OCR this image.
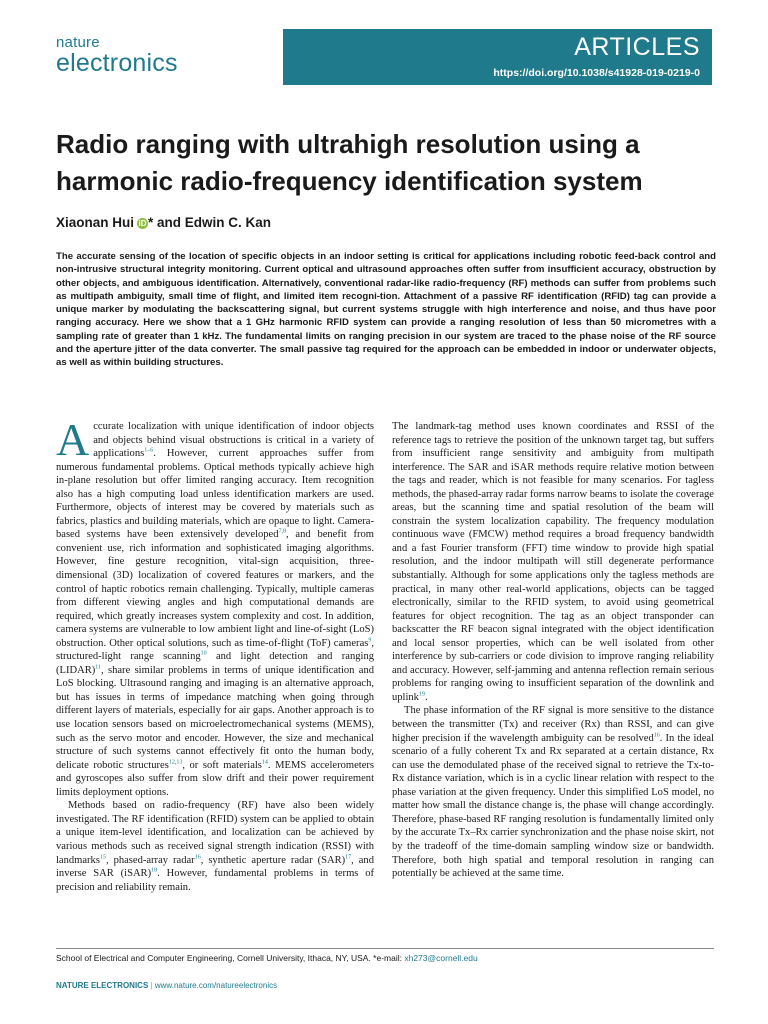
nature
electronics
ARTICLES
https://doi.org/10.1038/s41928-019-0219-0
Radio ranging with ultrahigh resolution using a harmonic radio-frequency identification system
Xiaonan Hui iD * and Edwin C. Kan

The accurate sensing of the location of specific objects in an indoor setting is critical for applications including robotic feed-back control and non-intrusive structural integrity monitoring. Current optical and ultrasound approaches often suffer from insufficient accuracy, obstruction by other objects, and ambiguous identification. Alternatively, conventional radar-like radio-frequency (RF) methods can suffer from problems such as multipath ambiguity, small time of flight, and limited item recogni-tion. Attachment of a passive RF identification (RFID) tag can provide a unique marker by modulating the backscattering signal, but current systems struggle with high interference and noise, and thus have poor ranging accuracy. Here we show that a 1 GHz harmonic RFID system can provide a ranging resolution of less than 50 micrometres with a sampling rate of greater than 1 kHz. The fundamental limits on ranging precision in our system are traced to the phase noise of the RF source and the aperture jitter of the data converter. The small passive tag required for the approach can be embedded in indoor or underwater objects, as well as within building structures.

Accurate localization with unique identification of indoor objects and objects behind visual obstructions is critical in a variety of applications$^{1-6}$. However, current approaches suffer from numerous fundamental problems. Optical methods typically achieve high in-plane resolution but offer limited ranging accuracy. Item recognition also has a high computing load unless identification markers are used. Furthermore, objects of interest may be covered by materials such as fabrics, plastics and building materials, which are opaque to light. Camera-based systems have been extensively developed$^{7,8}$, and benefit from convenient use, rich information and sophisticated imaging algorithms. However, fine gesture recognition, vital-sign acquisition, three-dimensional (3D) localization of covered features or markers, and the control of haptic robotics remain challenging. Typically, multiple cameras from different viewing angles and high computational demands are required, which greatly increases system complexity and cost. In addition, camera systems are vulnerable to low ambient light and line-of-sight (LoS) obstruction. Other optical solutions, such as time-of-flight (ToF) cameras$^9$, structured-light range scanning$^{10}$ and light detection and ranging (LIDAR)$^{11}$, share similar problems in terms of unique identification and LoS blocking. Ultrasound ranging and imaging is an alternative approach, but has issues in terms of impedance matching when going through different layers of materials, especially for air gaps. Another approach is to use location sensors based on microelectromechanical systems (MEMS), such as the servo motor and encoder. However, the size and mechanical structure of such systems cannot effectively fit onto the human body, delicate robotic structures$^{12,13}$, or soft materials$^{14}$. MEMS accelerometers and gyroscopes also suffer from slow drift and their power requirement limits deployment options.

Methods based on radio-frequency (RF) have also been widely investigated. The RF identification (RFID) system can be applied to obtain a unique item-level identification, and localization can be achieved by various methods such as received signal strength indication (RSSI) with landmarks$^{15}$, phased-array radar$^{16}$, synthetic aperture radar (SAR)$^{17}$, and inverse SAR (iSAR)$^{18}$. However, fundamental problems in terms of precision and reliability remain.

The landmark-tag method uses known coordinates and RSSI of the reference tags to retrieve the position of the unknown target tag, but suffers from insufficient range sensitivity and ambiguity from multipath interference. The SAR and iSAR methods require relative motion between the tags and reader, which is not feasible for many scenarios. For tagless methods, the phased-array radar forms narrow beams to isolate the coverage areas, but the scanning time and spatial resolution of the beam will constrain the system localization capability. The frequency modulation continuous wave (FMCW) method requires a broad frequency bandwidth and a fast Fourier transform (FFT) time window to provide high spatial resolution, and the indoor multipath will still degenerate performance substantially. Although for some applications only the tagless methods are practical, in many other real-world applications, objects can be tagged electronically, similar to the RFID system, to avoid using geometrical features for object recognition. The tag as an object transponder can backscatter the RF beacon signal integrated with the object identification and local sensor properties, which can be well isolated from other interference by sub-carriers or code division to improve ranging reliability and accuracy. However, self-jamming and antenna reflection remain serious problems for ranging owing to insufficient separation of the downlink and uplink$^{19}$.

The phase information of the RF signal is more sensitive to the distance between the transmitter (Tx) and receiver (Rx) than RSSI, and can give higher precision if the wavelength ambiguity can be resolved$^{16}$. In the ideal scenario of a fully coherent Tx and Rx separated at a certain distance, Rx can use the demodulated phase of the received signal to retrieve the Tx-to-Rx distance variation, which is in a cyclic linear relation with respect to the phase variation at the given frequency. Under this simplified LoS model, no matter how small the distance change is, the phase will change accordingly. Therefore, phase-based RF ranging resolution is fundamentally limited only by the accurate Tx–Rx carrier synchronization and the phase noise skirt, not by the tradeoff of the time-domain sampling window size or bandwidth. Therefore, both high spatial and temporal resolution in ranging can potentially be achieved at the same time.

School of Electrical and Computer Engineering, Cornell University, Ithaca, NY, USA. *e-mail: xh273@cornell.edu
NATURE ELECTRONICS | www.nature.com/natureelectronics
